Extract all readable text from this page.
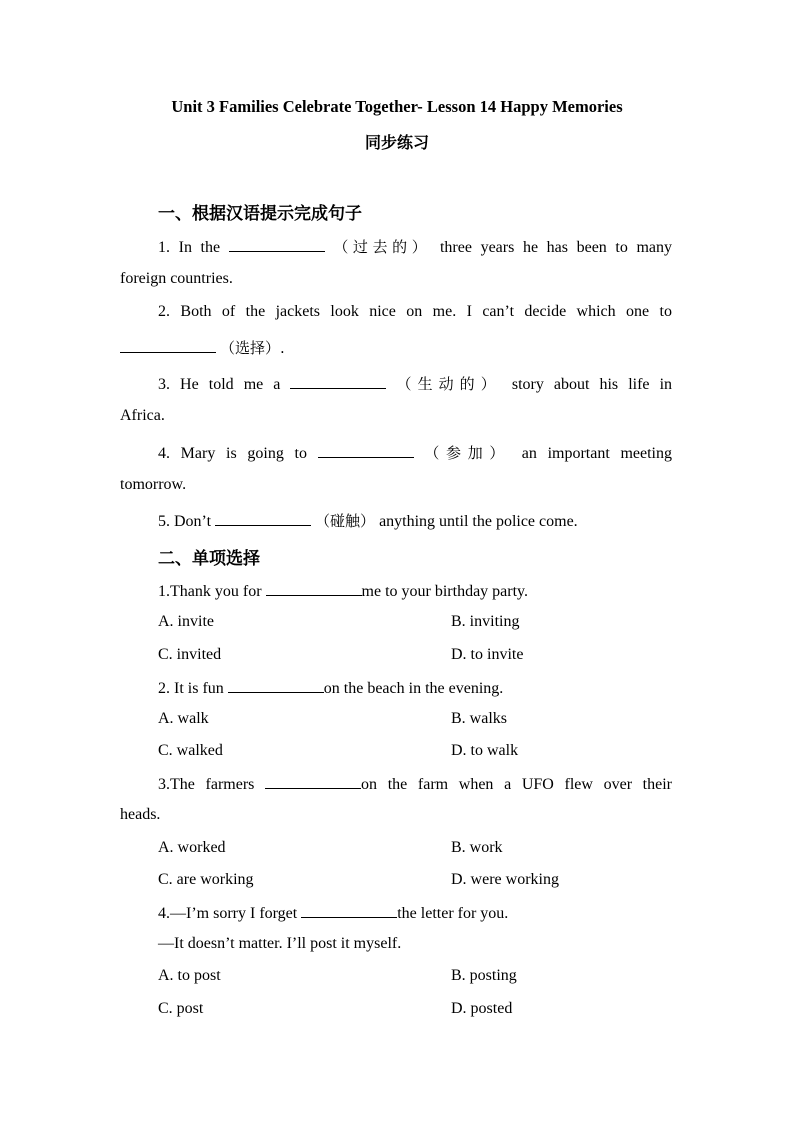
Unit 3 Families Celebrate Together- Lesson 14 Happy Memories
同步练习
一、根据汉语提示完成句子
1. In the	（过去的） three years he has been to many
foreign countries.
2. Both of the jackets look nice on me. I can’t decide which one to
（选择）.
3. He told me a	（生动的） story about his life in
Africa.
4. Mary is going to	（参加） an important meeting
tomorrow.
5. Don’t	（碰触） anything until the police come.
二、单项选择
1.Thank you for	me to your birthday party.
A. invite	B. inviting
C. invited	D. to invite
2. It is fun	on the beach in the evening.
A. walk	B. walks
C. walked	D. to walk
3.The farmers	on the farm when a UFO flew over their
heads.
A. worked	B. work
C. are working	D. were working
4.—I’m sorry I forget	the letter for you.
—It doesn’t matter. I’ll post it myself.
A. to post	B. posting
C. post	D. posted
